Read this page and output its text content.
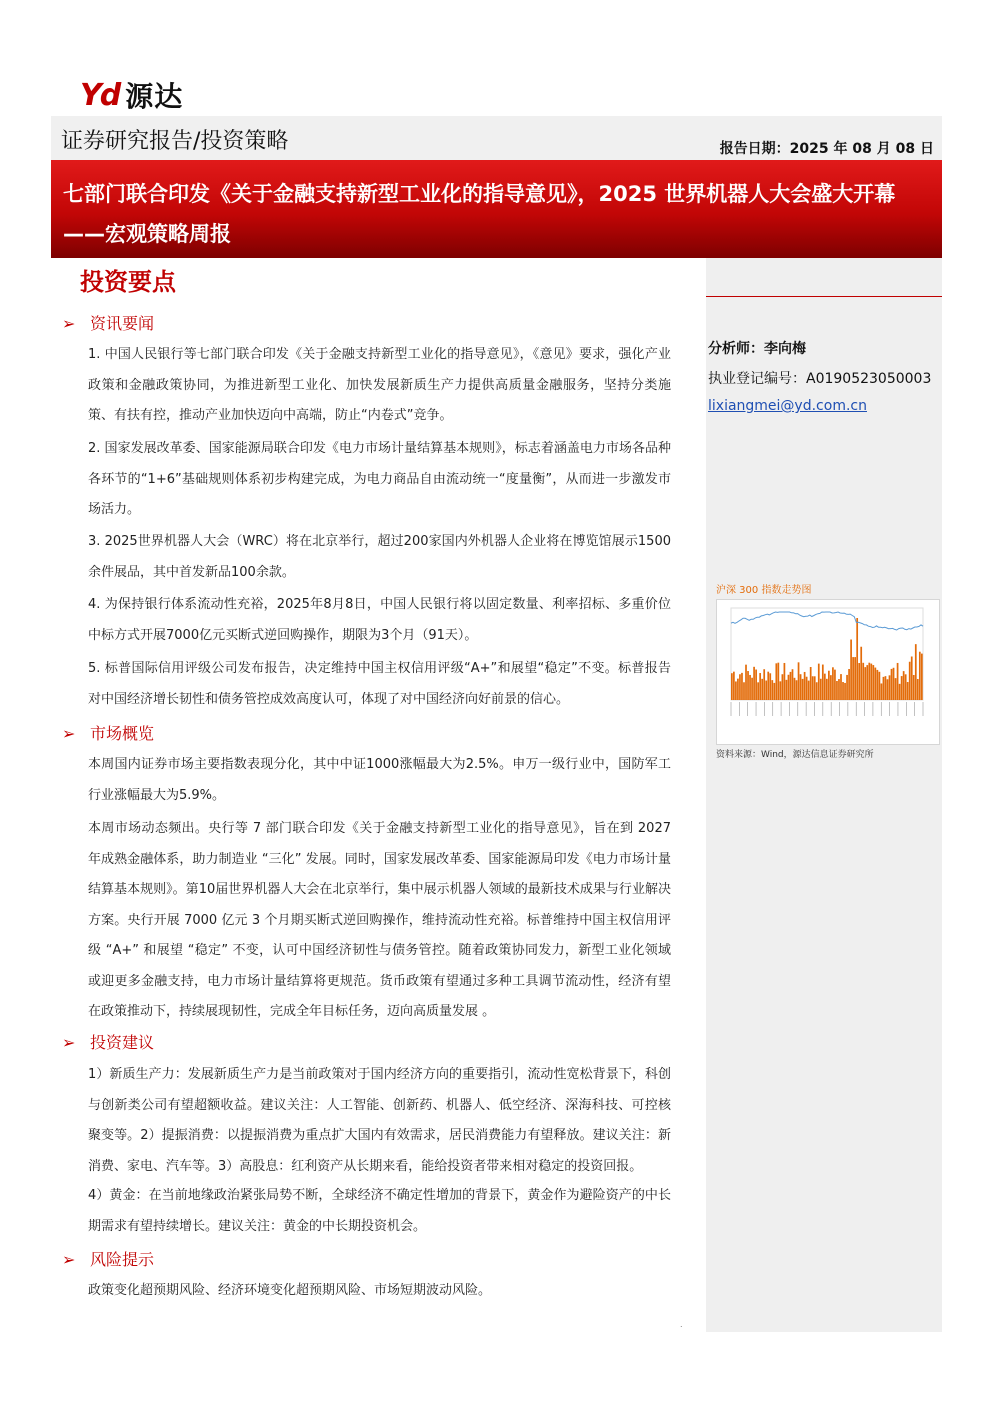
Yd 源达
证券研究报告/投资策略	报告日期：2025 年 08 月 08 日
七部门联合印发《关于金融支持新型工业化的指导意见》，2025 世界机器人大会盛大开幕——宏观策略周报
分析师：李向梅
执业登记编号：A0190523050003
lixiangmei@yd.com.cn
沪深 300 指数走势图
资料来源：Wind，源达信息证券研究所
投资要点
➢ 资讯要闻
1. 中国人民银行等七部门联合印发《关于金融支持新型工业化的指导意见》，《意见》要求，强化产业政策和金融政策协同，为推进新型工业化、加快发展新质生产力提供高质量金融服务，坚持分类施策、有扶有控，推动产业加快迈向中高端，防止“内卷式”竞争。
2. 国家发展改革委、国家能源局联合印发《电力市场计量结算基本规则》，标志着涵盖电力市场各品种各环节的“1+6”基础规则体系初步构建完成，为电力商品自由流动统一“度量衡”，从而进一步激发市场活力。
3. 2025世界机器人大会（WRC）将在北京举行，超过200家国内外机器人企业将在博览馆展示1500余件展品，其中首发新品100余款。
4. 为保持银行体系流动性充裕，2025年8月8日，中国人民银行将以固定数量、利率招标、多重价位中标方式开展7000亿元买断式逆回购操作，期限为3个月（91天）。
5. 标普国际信用评级公司发布报告，决定维持中国主权信用评级“A+”和展望“稳定”不变。标普报告对中国经济增长韧性和债务管控成效高度认可，体现了对中国经济向好前景的信心。
➢ 市场概览
本周国内证券市场主要指数表现分化，其中中证1000涨幅最大为2.5%。申万一级行业中，国防军工行业涨幅最大为5.9%。
本周市场动态频出。央行等 7 部门联合印发《关于金融支持新型工业化的指导意见》，旨在到 2027 年成熟金融体系，助力制造业 “三化” 发展。同时，国家发展改革委、国家能源局印发《电力市场计量结算基本规则》。第10届世界机器人大会在北京举行，集中展示机器人领域的最新技术成果与行业解决方案。央行开展 7000 亿元 3 个月期买断式逆回购操作，维持流动性充裕。标普维持中国主权信用评级 “A+” 和展望 “稳定” 不变，认可中国经济韧性与债务管控。随着政策协同发力，新型工业化领域或迎更多金融支持，电力市场计量结算将更规范。货币政策有望通过多种工具调节流动性，经济有望在政策推动下，持续展现韧性，完成全年目标任务，迈向高质量发展 。
➢ 投资建议
1）新质生产力：发展新质生产力是当前政策对于国内经济方向的重要指引，流动性宽松背景下，科创与创新类公司有望超额收益。建议关注：人工智能、创新药、机器人、低空经济、深海科技、可控核聚变等。2）提振消费：以提振消费为重点扩大国内有效需求，居民消费能力有望释放。建议关注：新消费、家电、汽车等。3）高股息：红利资产从长期来看，能给投资者带来相对稳定的投资回报。
4）黄金：在当前地缘政治紧张局势不断，全球经济不确定性增加的背景下，黄金作为避险资产的中长期需求有望持续增长。建议关注：黄金的中长期投资机会。
➢ 风险提示
政策变化超预期风险、经济环境变化超预期风险、市场短期波动风险。
.
